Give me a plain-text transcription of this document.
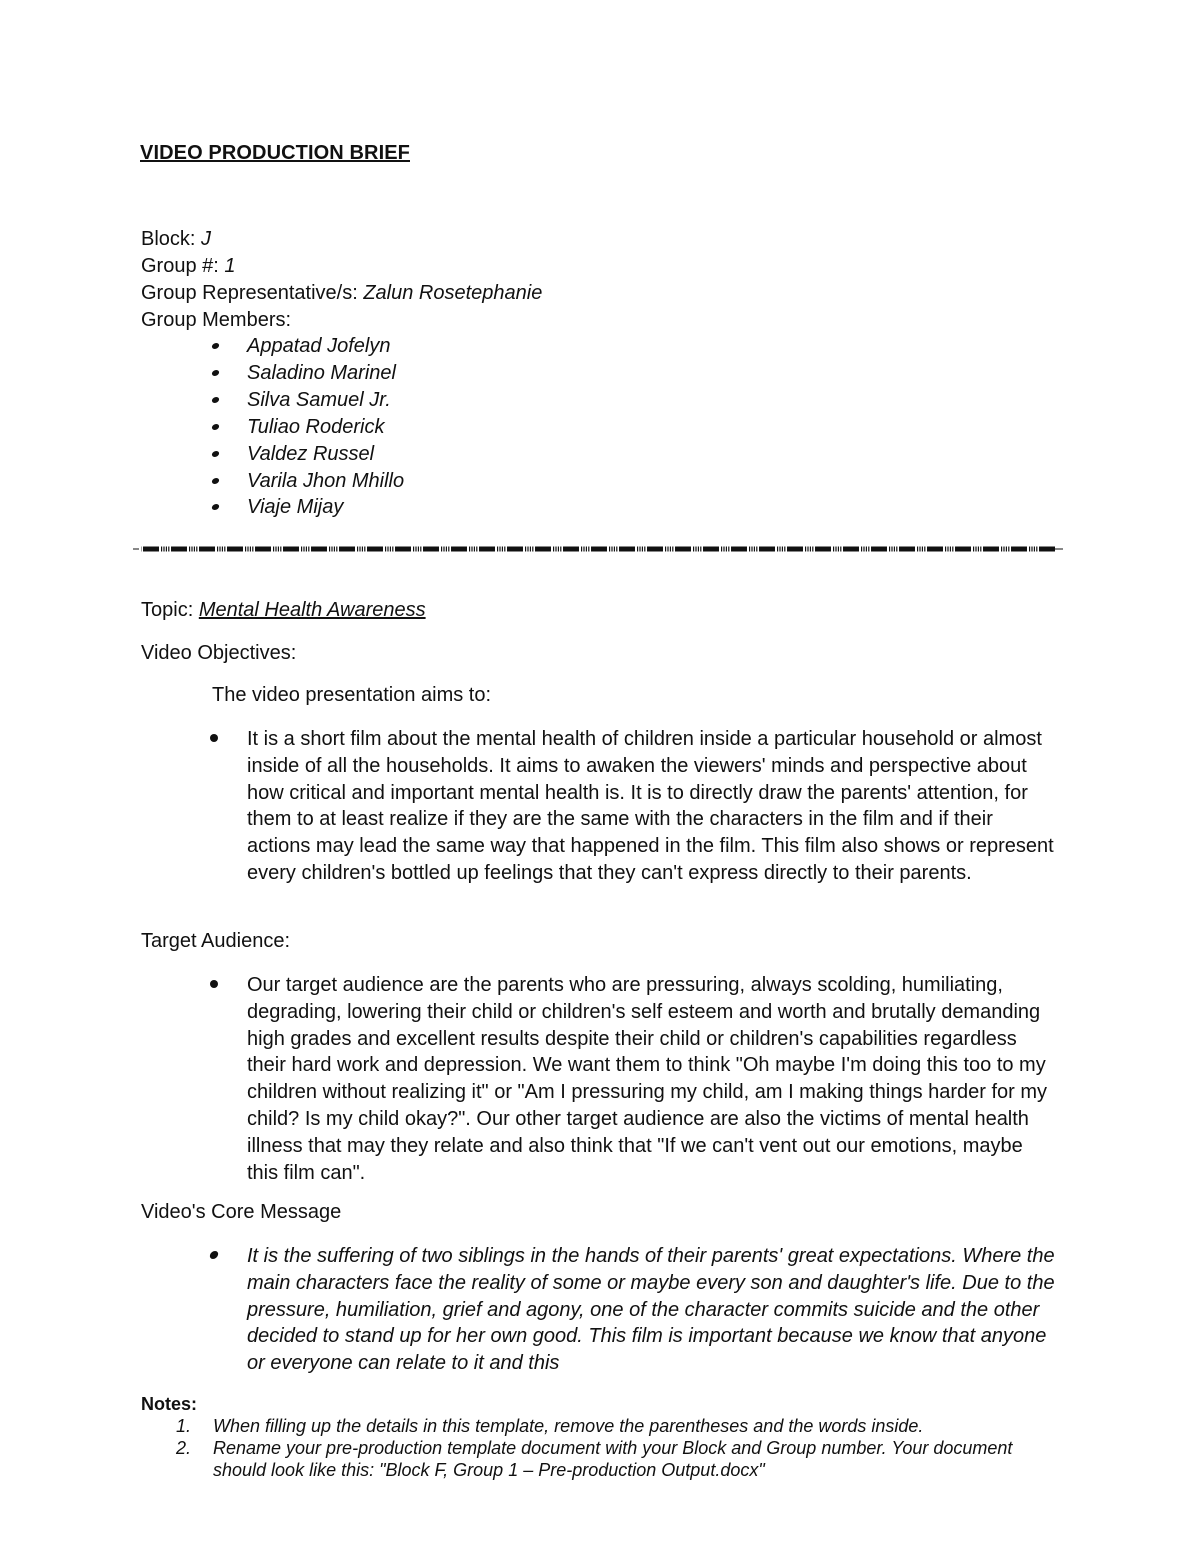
VIDEO PRODUCTION BRIEF
Block: J
Group #: 1
Group Representative/s: Zalun Rosetephanie
Group Members:
Appatad Jofelyn
Saladino Marinel
Silva Samuel Jr.
Tuliao Roderick
Valdez Russel
Varila Jhon Mhillo
Viaje Mijay
Topic: Mental Health Awareness
Video Objectives:
The video presentation aims to:
It is a short film about the mental health of children inside a particular household or almost inside of all the households. It aims to awaken the viewers' minds and perspective about how critical and important mental health is. It is to directly draw the parents' attention, for them to at least realize if they are the same with the characters in the film and if their actions may lead the same way that happened in the film. This film also shows or represent every children's bottled up feelings that they can't express directly to their parents.
Target Audience:
Our target audience are the parents who are pressuring, always scolding, humiliating, degrading, lowering their child or children's self esteem and worth and brutally demanding high grades and excellent results despite their child or children's capabilities regardless their hard work and depression. We want them to think "Oh maybe I'm doing this too to my children without realizing it" or "Am I pressuring my child, am I making things harder for my child? Is my child okay?". Our other target audience are also the victims of mental health illness that may they relate and also think that "If we can't vent out our emotions, maybe this film can".
Video's Core Message
It is the suffering of two siblings in the hands of their parents' great expectations. Where the main characters face the reality of some or maybe every son and daughter's life. Due to the pressure, humiliation, grief and agony, one of the character commits suicide and the other decided to stand up for her own good. This film is important because we know that anyone or everyone can relate to it and this
Notes:
1. When filling up the details in this template, remove the parentheses and the words inside.
2. Rename your pre-production template document with your Block and Group number. Your document should look like this: "Block F, Group 1 – Pre-production Output.docx"
